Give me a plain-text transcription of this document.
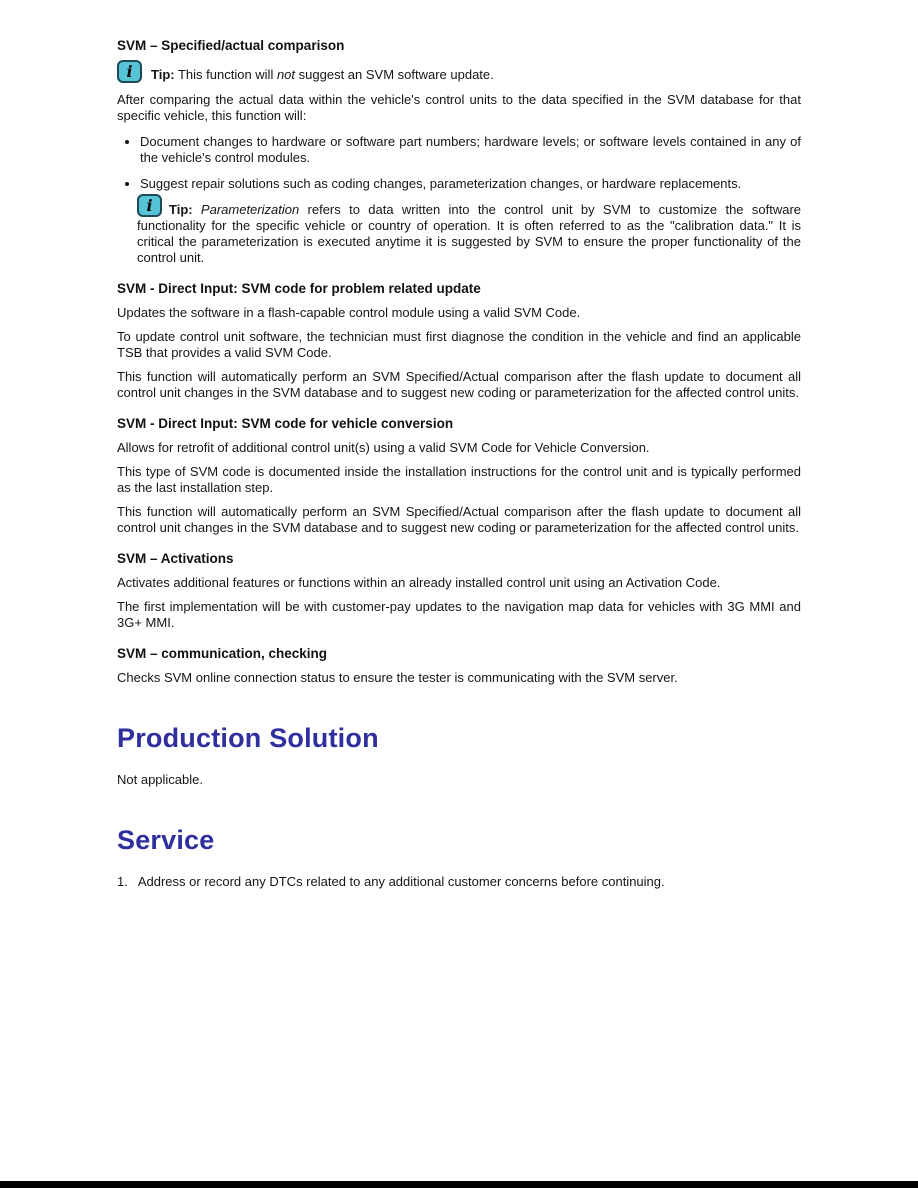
SVM – Specified/actual comparison
i Tip: This function will not suggest an SVM software update.

After comparing the actual data within the vehicle's control units to the data specified in the SVM database for that specific vehicle, this function will:

• Document changes to hardware or software part numbers; hardware levels; or software levels contained in any of the vehicle's control modules.
• Suggest repair solutions such as coding changes, parameterization changes, or hardware replacements.
i Tip: Parameterization refers to data written into the control unit by SVM to customize the software functionality for the specific vehicle or country of operation. It is often referred to as the "calibration data." It is critical the parameterization is executed anytime it is suggested by SVM to ensure the proper functionality of the control unit.
SVM - Direct Input: SVM code for problem related update

Updates the software in a flash-capable control module using a valid SVM Code.

To update control unit software, the technician must first diagnose the condition in the vehicle and find an applicable TSB that provides a valid SVM Code.

This function will automatically perform an SVM Specified/Actual comparison after the flash update to document all control unit changes in the SVM database and to suggest new coding or parameterization for the affected control units.

SVM - Direct Input: SVM code for vehicle conversion

Allows for retrofit of additional control unit(s) using a valid SVM Code for Vehicle Conversion.

This type of SVM code is documented inside the installation instructions for the control unit and is typically performed as the last installation step.

This function will automatically perform an SVM Specified/Actual comparison after the flash update to document all control unit changes in the SVM database and to suggest new coding or parameterization for the affected control units.

SVM – Activations

Activates additional features or functions within an already installed control unit using an Activation Code.

The first implementation will be with customer-pay updates to the navigation map data for vehicles with 3G MMI and 3G+ MMI.

SVM – communication, checking

Checks SVM online connection status to ensure the tester is communicating with the SVM server.

Production Solution

Not applicable.

Service
1. Address or record any DTCs related to any additional customer concerns before continuing.
